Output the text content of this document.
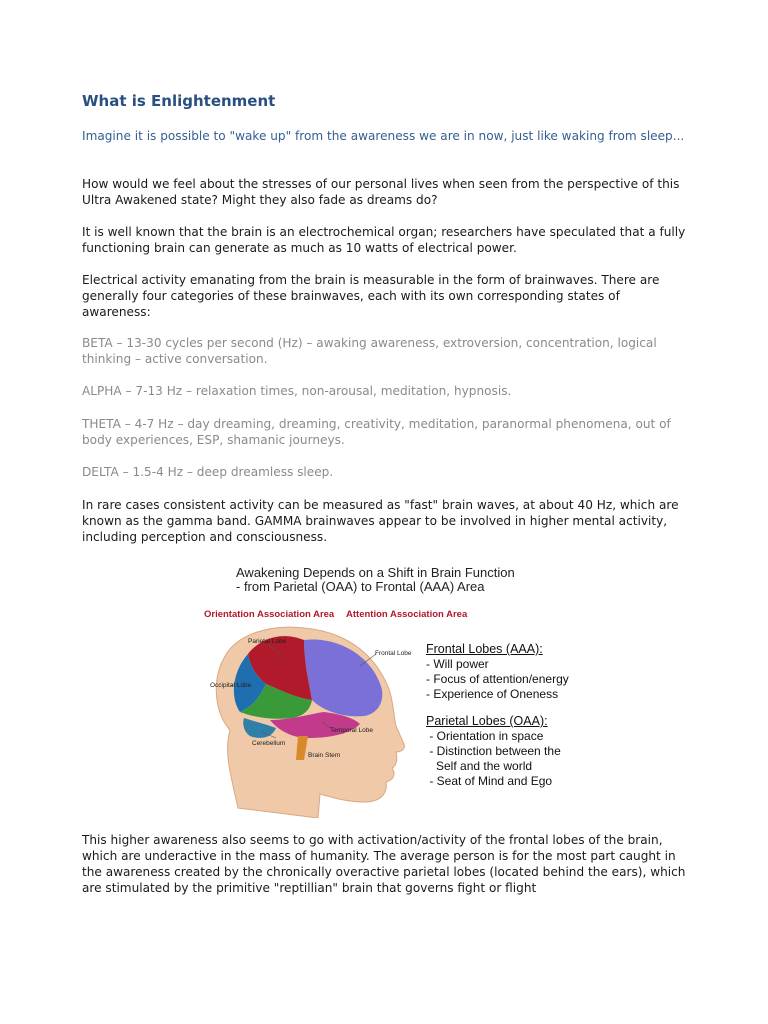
What is Enlightenment

Imagine it is possible to "wake up" from the awareness we are in now, just like waking from sleep...

How would we feel about the stresses of our personal lives when seen from the perspective of this Ultra Awakened state? Might they also fade as dreams do?

It is well known that the brain is an electrochemical organ; researchers have speculated that a fully functioning brain can generate as much as 10 watts of electrical power.

Electrical activity emanating from the brain is measurable in the form of brainwaves. There are generally four categories of these brainwaves, each with its own corresponding states of awareness:

BETA – 13-30 cycles per second (Hz) – awaking awareness, extroversion, concentration, logical thinking – active conversation.

ALPHA – 7-13 Hz – relaxation times, non-arousal, meditation, hypnosis.

THETA – 4-7 Hz – day dreaming, dreaming, creativity, meditation, paranormal phenomena, out of body experiences, ESP, shamanic journeys.

DELTA – 1.5-4 Hz – deep dreamless sleep.

In rare cases consistent activity can be measured as "fast" brain waves, at about 40 Hz, which are known as the gamma band. GAMMA brainwaves appear to be involved in higher mental activity, including perception and consciousness.

This higher awareness also seems to go with activation/activity of the frontal lobes of the brain, which are underactive in the mass of humanity. The average person is for the most part caught in the awareness created by the chronically overactive parietal lobes (located behind the ears), which are stimulated by the primitive "reptillian" brain that governs fight or flight

Awakening Depends on a Shift in Brain Function
- from Parietal (OAA) to Frontal (AAA) Area
Orientation Association Area Attention Association Area
Parietal Lobe
Frontal Lobe
Occipital Lobe
Temporal Lobe
Cerebellum
Brain Stem
Frontal Lobes (AAA):
- Will power
- Focus of attention/energy
- Experience of Oneness
Parietal Lobes (OAA):
- Orientation in space
- Distinction between the
Self and the world
- Seat of Mind and Ego
